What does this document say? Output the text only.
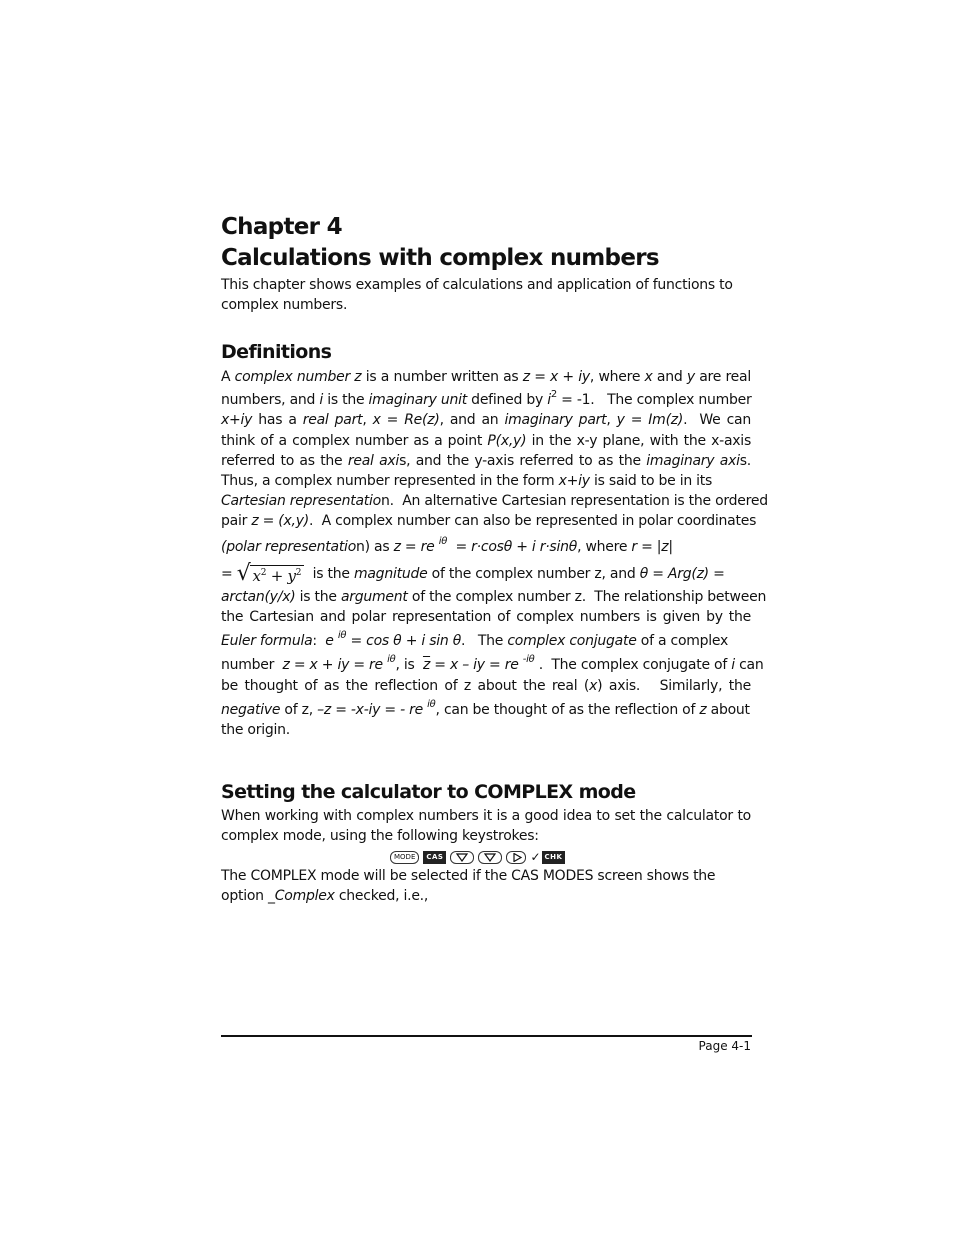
Chapter 4
Calculations with complex numbers
This chapter shows examples of calculations and application of functions to
complex numbers.
Definitions
A complex number z is a number written as z = x + iy, where x and y are real
numbers, and i is the imaginary unit defined by $i^2 = -1$.   The complex number
x+iy has a real part, x = Re(z), and an imaginary part, y = Im(z).  We can
think of a complex number as a point P(x,y) in the x-y plane, with the x-axis
referred to as the real axis, and the y-axis referred to as the imaginary axis.
Thus, a complex number represented in the form x+iy is said to be in its
Cartesian representation.  An alternative Cartesian representation is the ordered
pair z = (x,y).  A complex number can also be represented in polar coordinates
(polar representation) as z = re $^{i\theta}$ = r·cosθ + i r·sinθ, where r = |z|
= √ $x^2 + y^2$ is the magnitude of the complex number z, and θ = Arg(z) =
arctan(y/x) is the argument of the complex number z.  The relationship between
the Cartesian and polar representation of complex numbers is given by the
Euler formula:  e $^{i\theta}$ = cos θ + i sin θ.   The complex conjugate of a complex
number  z = x + iy = re $^{i\theta}$, is  $\overline{z} = x$ – iy = re $^{-i\theta}$ .  The complex conjugate of i can
be thought of as the reflection of z about the real (x) axis.   Similarly, the
negative of z, –z = -x-iy = - re $^{i\theta}$, can be thought of as the reflection of z about
the origin.
Setting the calculator to COMPLEX mode
When working with complex numbers it is a good idea to set the calculator to
complex mode, using the following keystrokes:
MODE	CAS	✓ CHK
The COMPLEX mode will be selected if the CAS MODES screen shows the
option _Complex checked, i.e.,
Page 4-1
